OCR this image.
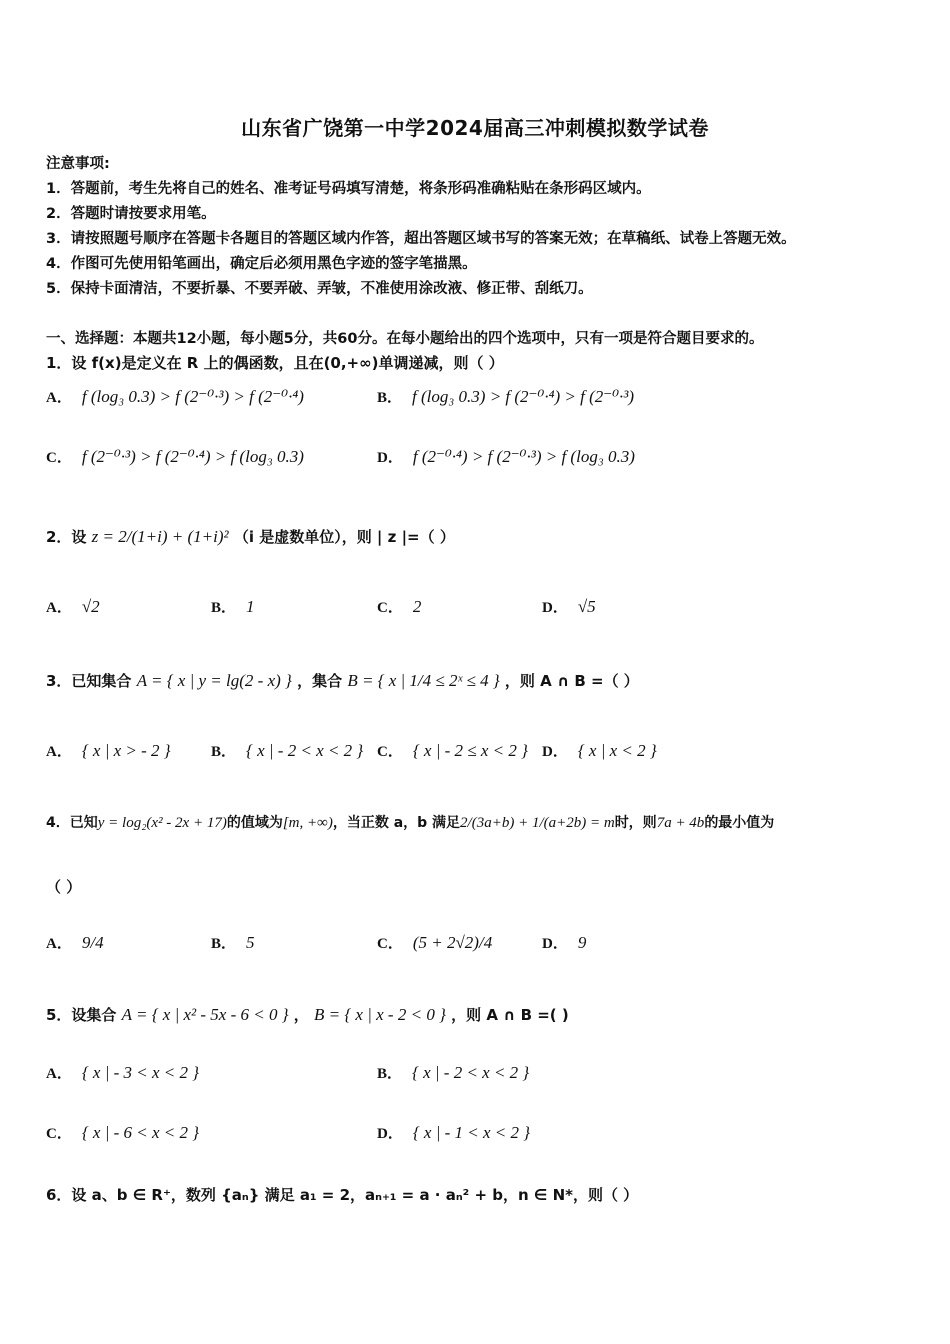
山东省广饶第一中学2024届高三冲刺模拟数学试卷
注意事项:
1．答题前，考生先将自己的姓名、准考证号码填写清楚，将条形码准确粘贴在条形码区域内。
2．答题时请按要求用笔。
3．请按照题号顺序在答题卡各题目的答题区域内作答，超出答题区域书写的答案无效；在草稿纸、试卷上答题无效。
4．作图可先使用铅笔画出，确定后必须用黑色字迹的签字笔描黑。
5．保持卡面清洁，不要折暴、不要弄破、弄皱，不准使用涂改液、修正带、刮纸刀。
一、选择题：本题共12小题，每小题5分，共60分。在每小题给出的四个选项中，只有一项是符合题目要求的。
1．设 f(x)是定义在 R 上的偶函数，且在(0,+∞)单调递减，则（ ）
A． f (log₃ 0.3) > f (2⁻⁰·³) > f (2⁻⁰·⁴)	B． f (log₃ 0.3) > f (2⁻⁰·⁴) > f (2⁻⁰·³)
C． f (2⁻⁰·³) > f (2⁻⁰·⁴) > f (log₃ 0.3)	D． f (2⁻⁰·⁴) > f (2⁻⁰·³) > f (log₃ 0.3)
2．设 z = 2/(1+i) + (1+i)² （i 是虚数单位），则 | z |=（ ）
A． √2	B． 1	C． 2	D． √5
3．已知集合 A = { x | y = lg(2 - x) } ，集合 B = { x | 1/4 ≤ 2ˣ ≤ 4 } ，则 A ∩ B =（ ）
A． { x | x > - 2 }	B． { x | - 2 < x < 2 } C． { x | - 2 ≤ x < 2 } D． { x | x < 2 }
4．已知y = log₂(x² - 2x + 17)的值域为[m, +∞)，当正数 a，b 满足2/(3a+b) + 1/(a+2b) = m时，则7a + 4b的最小值为
（ ）
A． 9/4	B． 5	C． (5 + 2√2)/4	D． 9
5．设集合 A = { x | x² - 5x - 6 < 0 } ， B = { x | x - 2 < 0 } ，则 A ∩ B =( )
A． { x | - 3 < x < 2 }	B． { x | - 2 < x < 2 }
C． { x | - 6 < x < 2 }	D． { x | - 1 < x < 2 }
6．设 a、b ∈ R⁺，数列 {aₙ} 满足 a₁ = 2，aₙ₊₁ = a · aₙ² + b，n ∈ N*，则（ ）
